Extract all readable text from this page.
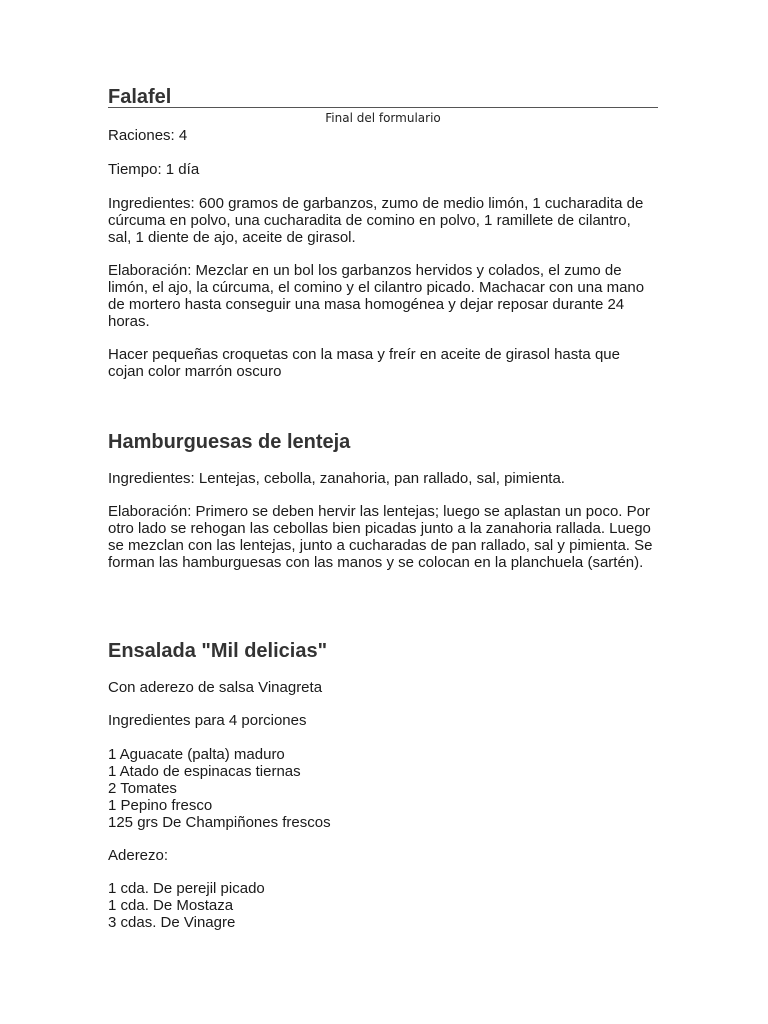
Falafel
Final del formulario

Raciones: 4

Tiempo: 1 día

Ingredientes: 600 gramos de garbanzos, zumo de medio limón, 1 cucharadita de cúrcuma en polvo, una cucharadita de comino en polvo, 1 ramillete de cilantro, sal, 1 diente de ajo, aceite de girasol.

Elaboración: Mezclar en un bol los garbanzos hervidos y colados, el zumo de limón, el ajo, la cúrcuma, el comino y el cilantro picado. Machacar con una mano de mortero hasta conseguir una masa homogénea y dejar reposar durante 24 horas.

Hacer pequeñas croquetas con la masa y freír en aceite de girasol hasta que cojan color marrón oscuro

Hamburguesas de lenteja

Ingredientes: Lentejas, cebolla, zanahoria, pan rallado, sal, pimienta.

Elaboración: Primero se deben hervir las lentejas; luego se aplastan un poco. Por otro lado se rehogan las cebollas bien picadas junto a la zanahoria rallada. Luego se mezclan con las lentejas, junto a cucharadas de pan rallado, sal y pimienta. Se forman las hamburguesas con las manos y se colocan en la planchuela (sartén).

Ensalada "Mil delicias"

Con aderezo de salsa Vinagreta

Ingredientes para 4 porciones

1 Aguacate (palta) maduro
1 Atado de espinacas tiernas
2 Tomates
1 Pepino fresco
125 grs De Champiñones frescos

Aderezo:

1 cda. De perejil picado
1 cda. De Mostaza
3 cdas. De Vinagre
